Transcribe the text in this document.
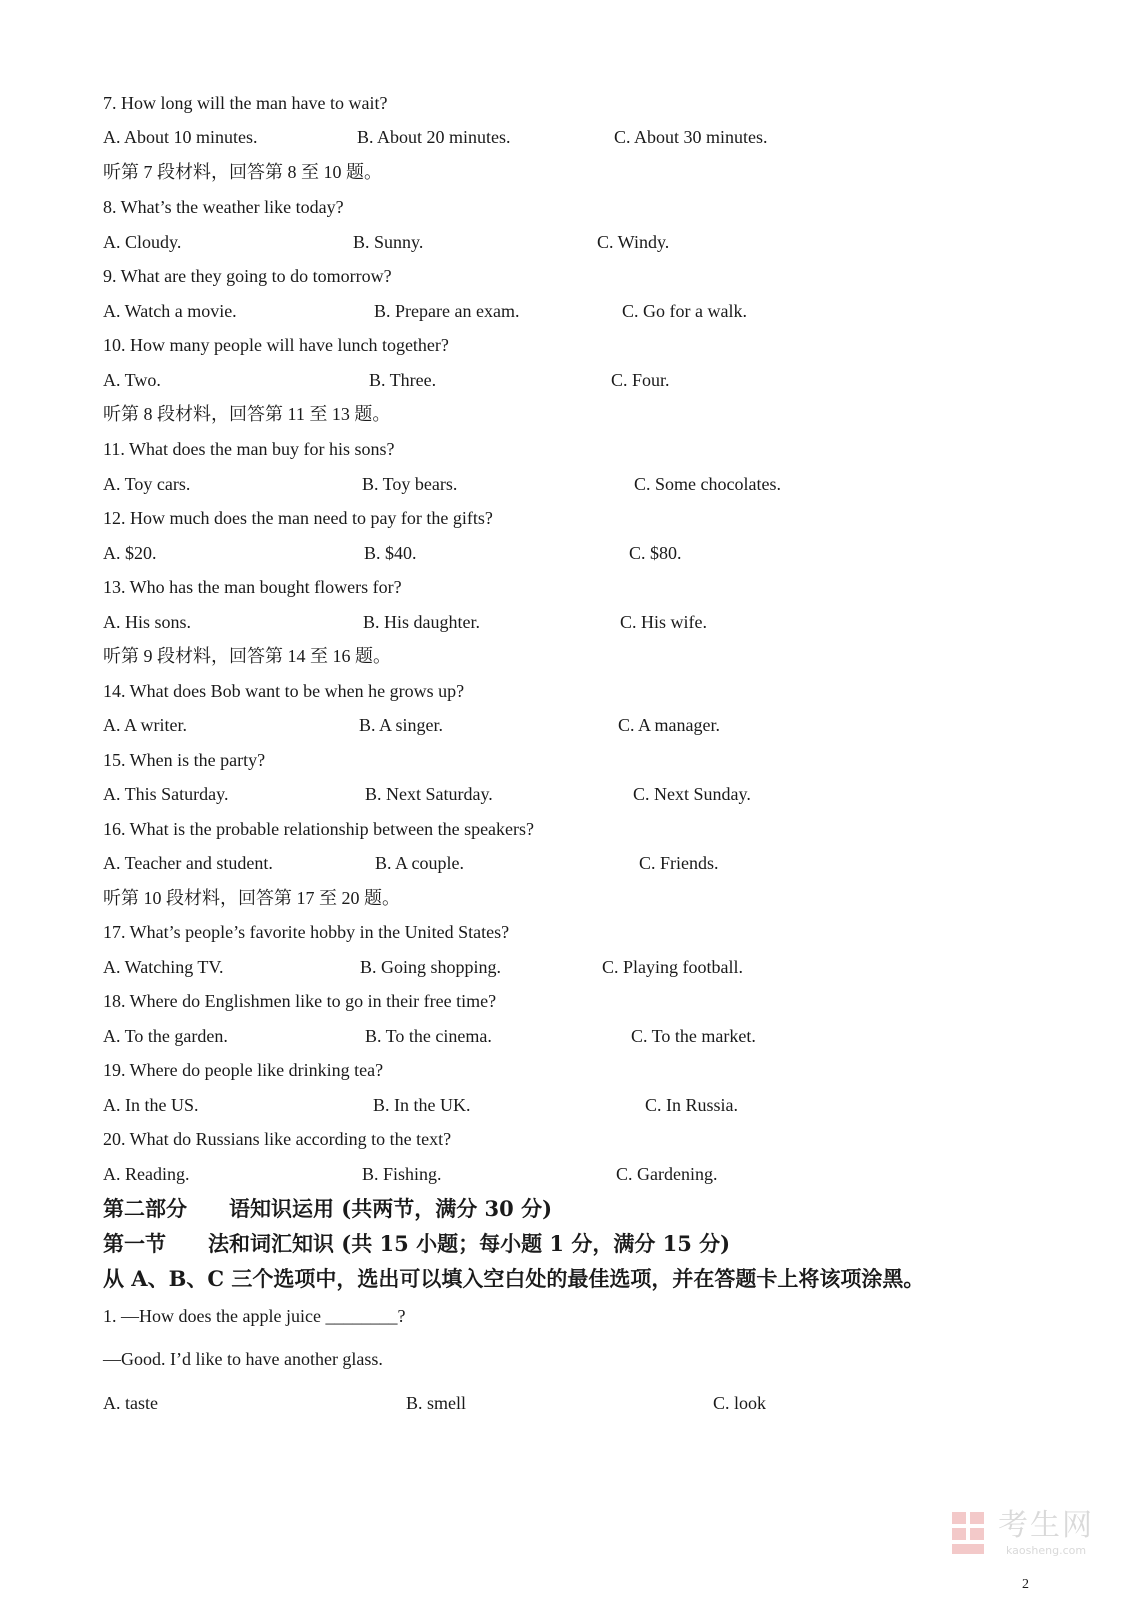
7. How long will the man have to wait?
A. About 10 minutes.	B. About 20 minutes.	C. About 30 minutes.
听第 7 段材料，回答第 8 至 10 题。
8. What’s the weather like today?
A. Cloudy.	B. Sunny.	C. Windy.
9. What are they going to do tomorrow?
A. Watch a movie.	B. Prepare an exam.	C. Go for a walk.
10. How many people will have lunch together?
A. Two.	B. Three.	C. Four.
听第 8 段材料，回答第 11 至 13 题。
11. What does the man buy for his sons?
A. Toy cars.	B. Toy bears.	C. Some chocolates.
12. How much does the man need to pay for the gifts?
A. $20.	B. $40.	C. $80.
13. Who has the man bought flowers for?
A. His sons.	B. His daughter.	C. His wife.
听第 9 段材料，回答第 14 至 16 题。
14. What does Bob want to be when he grows up?
A. A writer.	B. A singer.	C. A manager.
15. When is the party?
A. This Saturday.	B. Next Saturday.	C. Next Sunday.
16. What is the probable relationship between the speakers?
A. Teacher and student.	B. A couple.	C. Friends.
听第 10 段材料，回答第 17 至 20 题。
17. What’s people’s favorite hobby in the United States?
A. Watching TV.	B. Going shopping.	C. Playing football.
18. Where do Englishmen like to go in their free time?
A. To the garden.	B. To the cinema.	C. To the market.
19. Where do people like drinking tea?
A. In the US.	B. In the UK.	C. In Russia.
20. What do Russians like according to the text?
A. Reading.	B. Fishing.	C. Gardening.
第二部分 语知识运用 (共两节，满分 30 分)
第一节 法和词汇知识 (共 15 小题；每小题 1 分，满分 15 分)
从 A、B、C 三个选项中，选出可以填入空白处的最佳选项，并在答题卡上将该项涂黑。
1. —How does the apple juice ________?
—Good. I’d like to have another glass.
A. taste	B. smell	C. look
考生网
kaosheng.com
2
